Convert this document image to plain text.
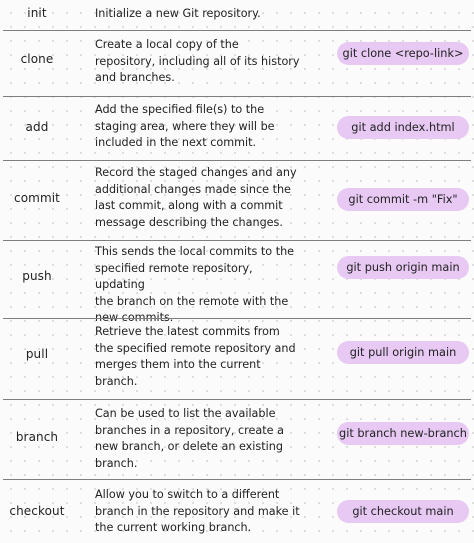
init	Initialize a new Git repository.
clone
Create a local copy of the
repository, including all of its history
and branches.
git clone <repo-link>
add
Add the specified file(s) to the
staging area, where they will be
included in the next commit.
git add index.html
commit
Record the staged changes and any
additional changes made since the
last commit, along with a commit
message describing the changes.
git commit -m "Fix"
push
This sends the local commits to the
specified remote repository, updating
the branch on the remote with the
new commits.
git push origin main
pull
Retrieve the latest commits from
the specified remote repository and
merges them into the current
branch.
git pull origin main
branch
Can be used to list the available
branches in a repository, create a
new branch, or delete an existing
branch.
git branch new-branch
checkout
Allow you to switch to a different
branch in the repository and make it
the current working branch.
git checkout main
